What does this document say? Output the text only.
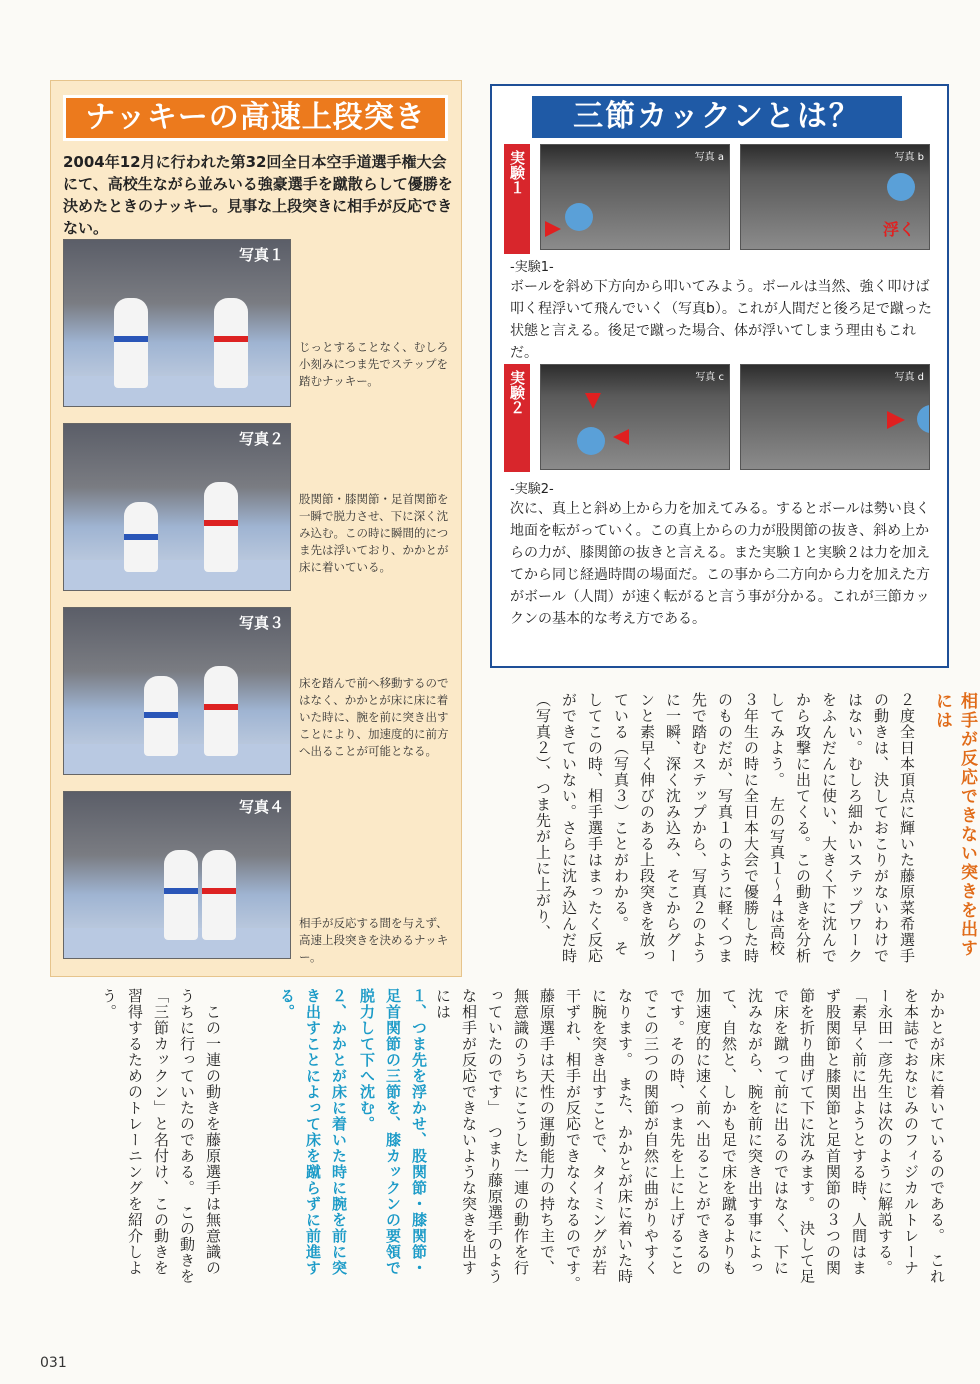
ナッキーの高速上段突き
2004年12月に行われた第32回全日本空手道選手権大会にて、高校生ながら並みいる強豪選手を蹴散らして優勝を決めたときのナッキー。見事な上段突きに相手が反応できない。
写真１
じっとすることなく、むしろ小刻みにつま先でステップを踏むナッキー。
写真２
股関節・膝関節・足首関節を一瞬で脱力させ、下に深く沈み込む。この時に瞬間的につま先は浮いており、かかとが床に着いている。
写真３
床を踏んで前へ移動するのではなく、かかとが床に床に着いた時に、腕を前に突き出すことにより、加速度的に前方へ出ることが可能となる。
写真４
相手が反応する間を与えず、高速上段突きを決めるナッキー。
三節カックンとは？
実験１	写真 a	写真 b
浮く
-実験1-
ボールを斜め下方向から叩いてみよう。ボールは当然、強く叩けば叩く程浮いて飛んでいく（写真b）。これが人間だと後ろ足で蹴った状態と言える。後足で蹴った場合、体が浮いてしまう理由もこれだ。
実験２	写真 c	写真 d
-実験2-
次に、真上と斜め上から力を加えてみる。するとボールは勢い良く地面を転がっていく。この真上からの力が股関節の抜き、斜め上からの力が、膝関節の抜きと言える。また実験１と実験２は力を加えてから同じ経過時間の場面だ。この事から二方向から力を加えた方がボール（人間）が速く転がると言う事が分かる。これが三節カックンの基本的な考え方である。
相手が反応できない突きを出すには
２度全日本頂点に輝いた藤原菜希選手の動きは、決しておこりがないわけではない。むしろ細かいステップワークをふんだんに使い、大きく下に沈んでから攻撃に出てくる。この動きを分析してみよう。　左の写真１〜４は高校３年生の時に全日本大会で優勝した時のものだが、写真１のように軽くつま先で踏むステップから、写真２のように一瞬、深く沈み込み、そこからグーンと素早く伸びのある上段突きを放っている（写真３）ことがわかる。　そしてこの時、相手選手はまったく反応ができていない。さらに沈み込んだ時（写真２）、つま先が上に上がり、
かかとが床に着いているのである。　これを本誌でおなじみのフィジカルトレーナー永田一彦先生は次のように解説する。「素早く前に出ようとする時、人間はまず股関節と膝関節と足首関節の３つの関節を折り曲げて下に沈みます。　決して足で床を蹴って前に出るのではなく、下に沈みながら、腕を前に突き出す事によって、自然と、しかも足で床を蹴るよりも加速度的に速く前へ出ることができるのです。その時、つま先を上に上げることでこの三つの関節が自然に曲がりやすくなります。　また、かかとが床に着いた時に腕を突き出すことで、タイミングが若干ずれ、相手が反応できなくなるのです。　藤原選手は天性の運動能力の持ち主で、無意識のうちにこうした一連の動作を行っていたのです」　つまり藤原選手のような相手が反応できないような突きを出すには
１、つま先を浮かせ、股関節・膝関節・足首関節の三節を、膝カックンの要領で脱力して下へ沈む。
２、かかとが床に着いた時に腕を前に突き出すことによって床を蹴らずに前進する。
　この一連の動きを藤原選手は無意識のうちに行っていたのである。　この動きを「三節カックン」と名付け、この動きを習得するためのトレーニングを紹介しよう。
031
